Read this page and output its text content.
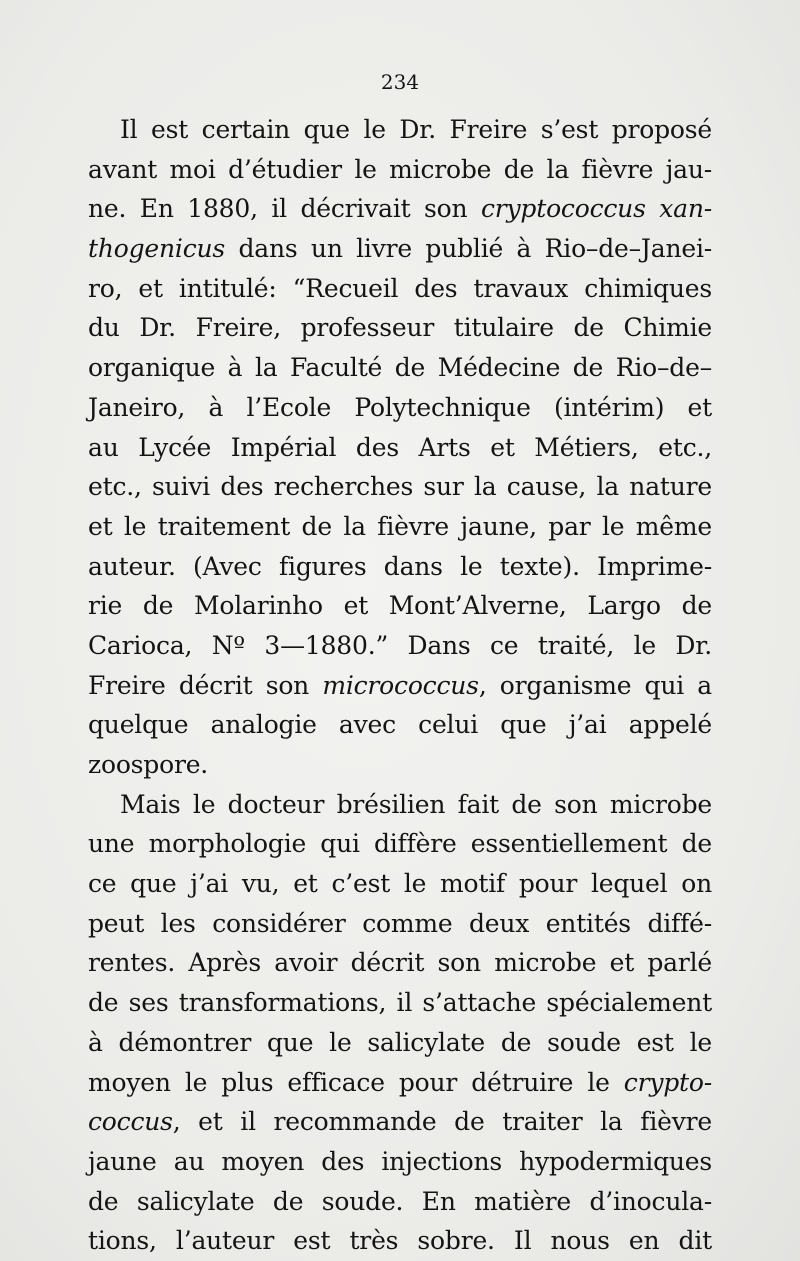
234
Il est certain que le Dr. Freire s’est proposé
avant moi d’étudier le microbe de la fièvre jau-
ne. En 1880, il décrivait son cryptococcus xan-
thogenicus dans un livre publié à Rio–de–Janei-
ro, et intitulé: “Recueil des travaux chimiques
du Dr. Freire, professeur titulaire de Chimie
organique à la Faculté de Médecine de Rio–de–
Janeiro, à l’Ecole Polytechnique (intérim) et
au Lycée Impérial des Arts et Métiers, etc.,
etc., suivi des recherches sur la cause, la nature
et le traitement de la fièvre jaune, par le même
auteur. (Avec figures dans le texte). Imprime-
rie de Molarinho et Mont’Alverne, Largo de
Carioca, Nº 3—1880.” Dans ce traité, le Dr.
Freire décrit son micrococcus, organisme qui a
quelque analogie avec celui que j’ai appelé
zoospore.
Mais le docteur brésilien fait de son microbe
une morphologie qui diffère essentiellement de
ce que j’ai vu, et c’est le motif pour lequel on
peut les considérer comme deux entités diffé-
rentes. Après avoir décrit son microbe et parlé
de ses transformations, il s’attache spécialement
à démontrer que le salicylate de soude est le
moyen le plus efficace pour détruire le crypto-
coccus, et il recommande de traiter la fièvre
jaune au moyen des injections hypodermiques
de salicylate de soude. En matière d’inocula-
tions, l’auteur est très sobre. Il nous en dit
